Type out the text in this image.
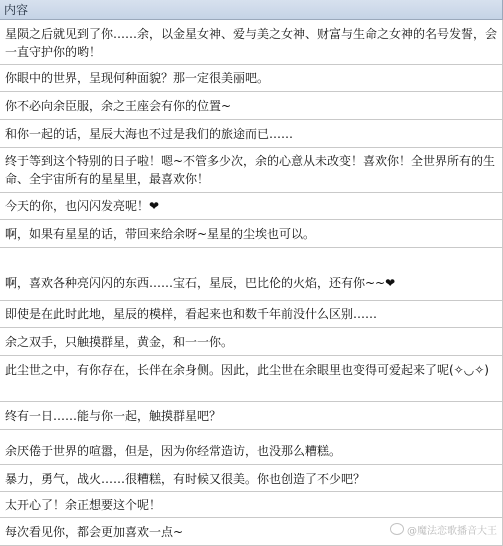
内容
星陨之后就见到了你……余，以金星女神、爱与美之女神、财富与生命之女神的名号发誓，会一直守护你的哟！
你眼中的世界，呈现何种面貌？那一定很美丽吧。
你不必向余臣服，余之王座会有你的位置~
和你一起的话，星辰大海也不过是我们的旅途而已……
终于等到这个特别的日子啦！嗯~不管多少次，余的心意从未改变！喜欢你！全世界所有的生命、全宇宙所有的星星里，最喜欢你！
今天的你，也闪闪发亮呢！❤
啊，如果有星星的话，带回来给余呀~星星的尘埃也可以。
啊，喜欢各种亮闪闪的东西……宝石，星辰，巴比伦的火焰，还有你~~❤
即使是在此时此地，星辰的模样，看起来也和数千年前没什么区别……
余之双手，只触摸群星，黄金，和一一你。
此尘世之中，有你存在，长伴在余身侧。因此，此尘世在余眼里也变得可爱起来了呢(✧◡✧)
终有一日……能与你一起，触摸群星吧？
余厌倦于世界的喧嚣，但是，因为你经常造访，也没那么糟糕。
暴力，勇气，战火……很糟糕，有时候又很美。你也创造了不少吧？
太开心了！余正想要这个呢！
每次看见你，都会更加喜欢一点~	@魔法恋歌播音大王
